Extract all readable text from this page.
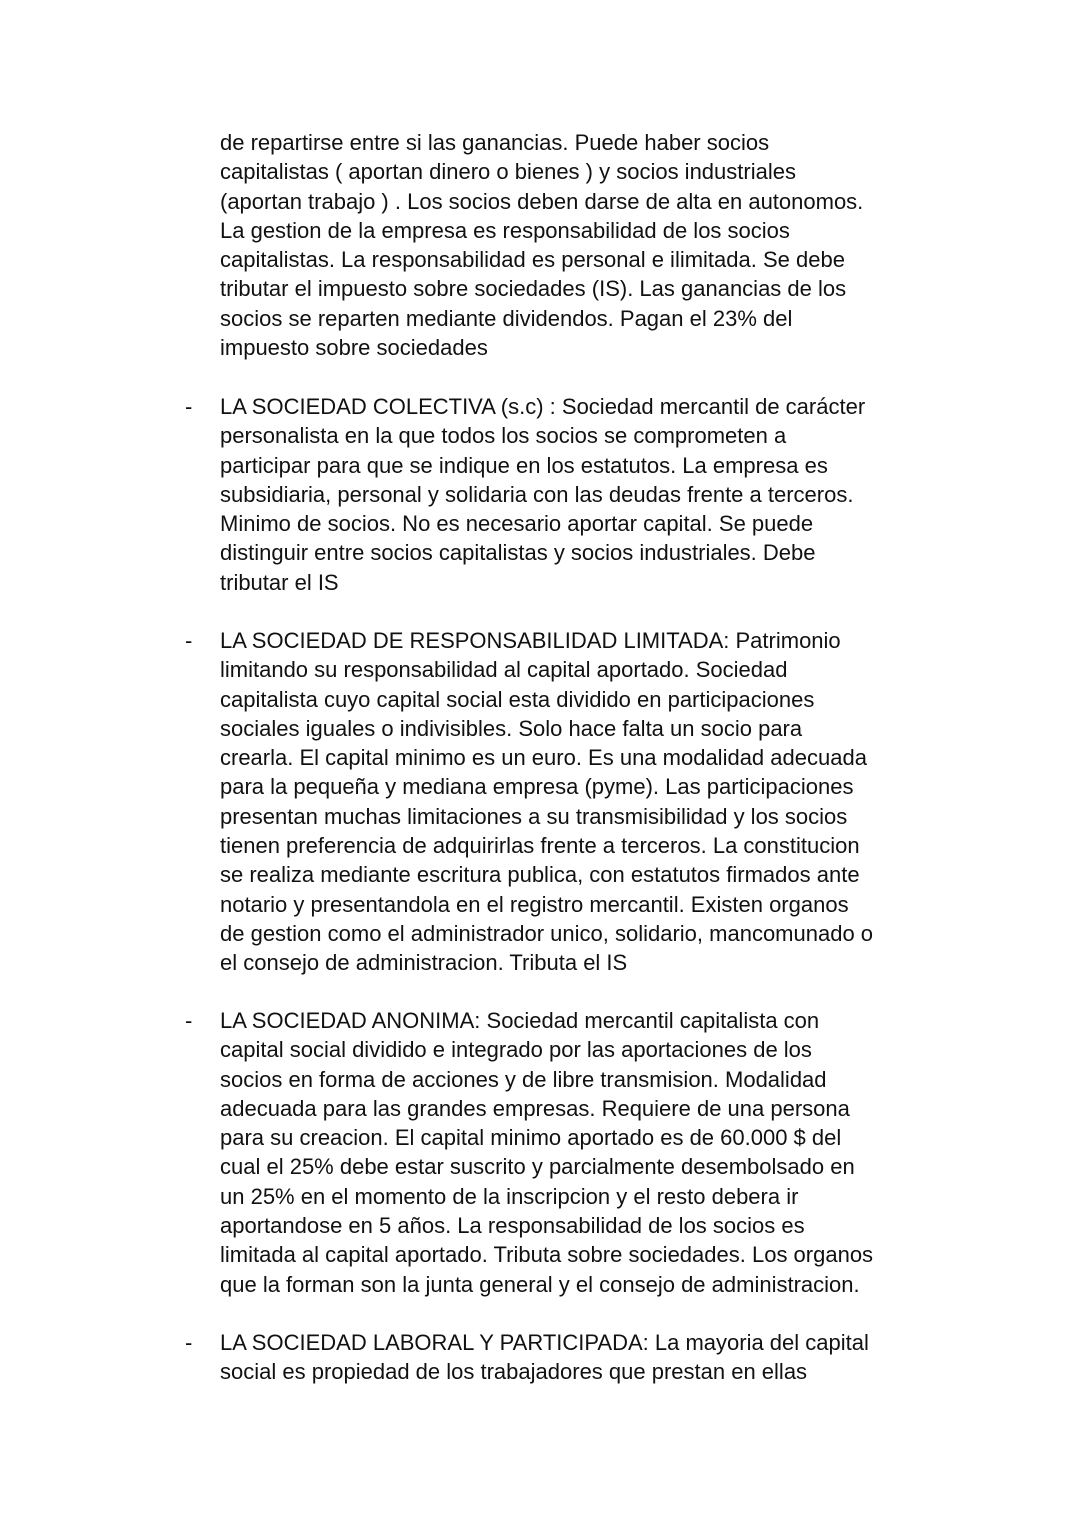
de repartirse entre si las ganancias. Puede haber socios
capitalistas ( aportan dinero o bienes ) y socios industriales
(aportan trabajo ) . Los socios deben darse de alta en autonomos.
La gestion de la empresa es responsabilidad de los socios
capitalistas. La responsabilidad es personal e ilimitada. Se debe
tributar el impuesto sobre sociedades (IS). Las ganancias de los
socios se reparten mediante dividendos. Pagan el 23% del
impuesto sobre sociedades
- LA SOCIEDAD COLECTIVA (s.c) : Sociedad mercantil de carácter
personalista en la que todos los socios se comprometen a
participar para que se indique en los estatutos. La empresa es
subsidiaria, personal y solidaria con las deudas frente a terceros.
Minimo de socios. No es necesario aportar capital. Se puede
distinguir entre socios capitalistas y socios industriales. Debe
tributar el IS
- LA SOCIEDAD DE RESPONSABILIDAD LIMITADA: Patrimonio
limitando su responsabilidad al capital aportado. Sociedad
capitalista cuyo capital social esta dividido en participaciones
sociales iguales o indivisibles. Solo hace falta un socio para
crearla. El capital minimo es un euro. Es una modalidad adecuada
para la pequeña y mediana empresa (pyme). Las participaciones
presentan muchas limitaciones a su transmisibilidad y los socios
tienen preferencia de adquirirlas frente a terceros. La constitucion
se realiza mediante escritura publica, con estatutos firmados ante
notario y presentandola en el registro mercantil. Existen organos
de gestion como el administrador unico, solidario, mancomunado o
el consejo de administracion. Tributa el IS
- LA SOCIEDAD ANONIMA: Sociedad mercantil capitalista con
capital social dividido e integrado por las aportaciones de los
socios en forma de acciones y de libre transmision. Modalidad
adecuada para las grandes empresas. Requiere de una persona
para su creacion. El capital minimo aportado es de 60.000 $ del
cual el 25% debe estar suscrito y parcialmente desembolsado en
un 25% en el momento de la inscripcion y el resto debera ir
aportandose en 5 años. La responsabilidad de los socios es
limitada al capital aportado. Tributa sobre sociedades. Los organos
que la forman son la junta general y el consejo de administracion.
- LA SOCIEDAD LABORAL Y PARTICIPADA: La mayoria del capital
social es propiedad de los trabajadores que prestan en ellas
